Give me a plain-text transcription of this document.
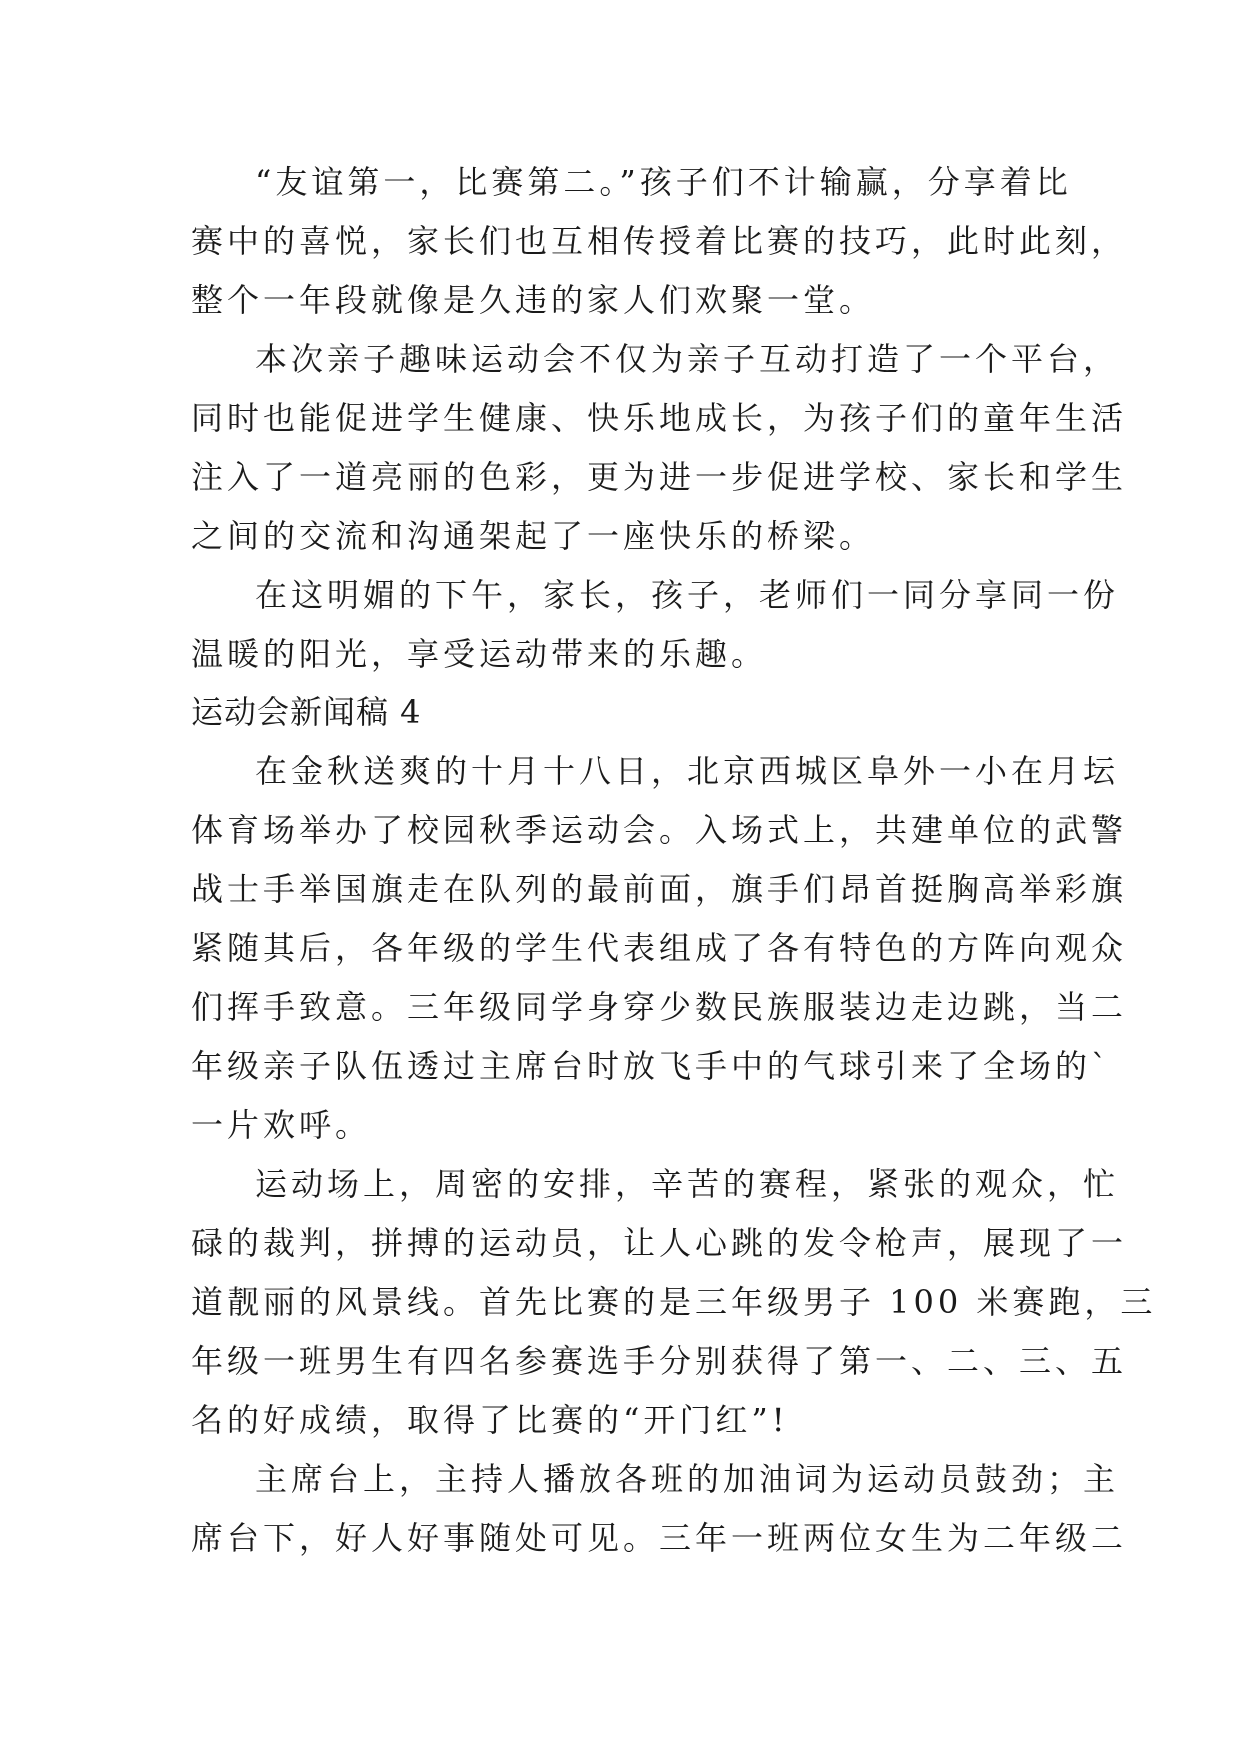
“友谊第一，比赛第二。”孩子们不计输赢，分享着比
赛中的喜悦，家长们也互相传授着比赛的技巧，此时此刻，
整个一年段就像是久违的家人们欢聚一堂。
本次亲子趣味运动会不仅为亲子互动打造了一个平台，
同时也能促进学生健康、快乐地成长，为孩子们的童年生活
注入了一道亮丽的色彩，更为进一步促进学校、家长和学生
之间的交流和沟通架起了一座快乐的桥梁。
在这明媚的下午，家长，孩子，老师们一同分享同一份
温暖的阳光，享受运动带来的乐趣。
运动会新闻稿 4
在金秋送爽的十月十八日，北京西城区阜外一小在月坛
体育场举办了校园秋季运动会。入场式上，共建单位的武警
战士手举国旗走在队列的最前面，旗手们昂首挺胸高举彩旗
紧随其后，各年级的学生代表组成了各有特色的方阵向观众
们挥手致意。三年级同学身穿少数民族服装边走边跳，当二
年级亲子队伍透过主席台时放飞手中的气球引来了全场的`
一片欢呼。
运动场上，周密的安排，辛苦的赛程，紧张的观众，忙
碌的裁判，拼搏的运动员，让人心跳的发令枪声，展现了一
道靓丽的风景线。首先比赛的是三年级男子 100 米赛跑，三
年级一班男生有四名参赛选手分别获得了第一、二、三、五
名的好成绩，取得了比赛的“开门红”!
主席台上，主持人播放各班的加油词为运动员鼓劲；主
席台下，好人好事随处可见。三年一班两位女生为二年级二
